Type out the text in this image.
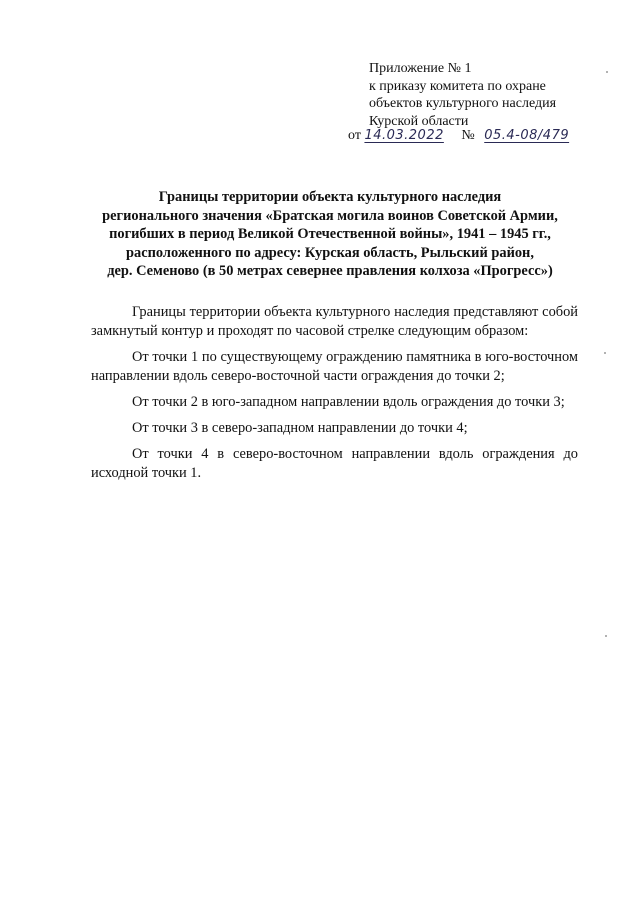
Приложение № 1
к приказу комитета по охране
объектов культурного наследия
Курской области
от 14.03.2022 № 05.4-08/479
Границы территории объекта культурного наследия
регионального значения «Братская могила воинов Советской Армии,
погибших в период Великой Отечественной войны», 1941 – 1945 гг.,
расположенного по адресу: Курская область, Рыльский район,
дер. Семеново (в 50 метрах севернее правления колхоза «Прогресс»)

Границы территории объекта культурного наследия представляют собой замкнутый контур и проходят по часовой стрелке следующим образом:

От точки 1 по существующему ограждению памятника в юго-восточном направлении вдоль северо-восточной части ограждения до точки 2;

От точки 2 в юго-западном направлении вдоль ограждения до точки 3;

От точки 3 в северо-западном направлении до точки 4;

От точки 4 в северо-восточном направлении вдоль ограждения до исходной точки 1.
